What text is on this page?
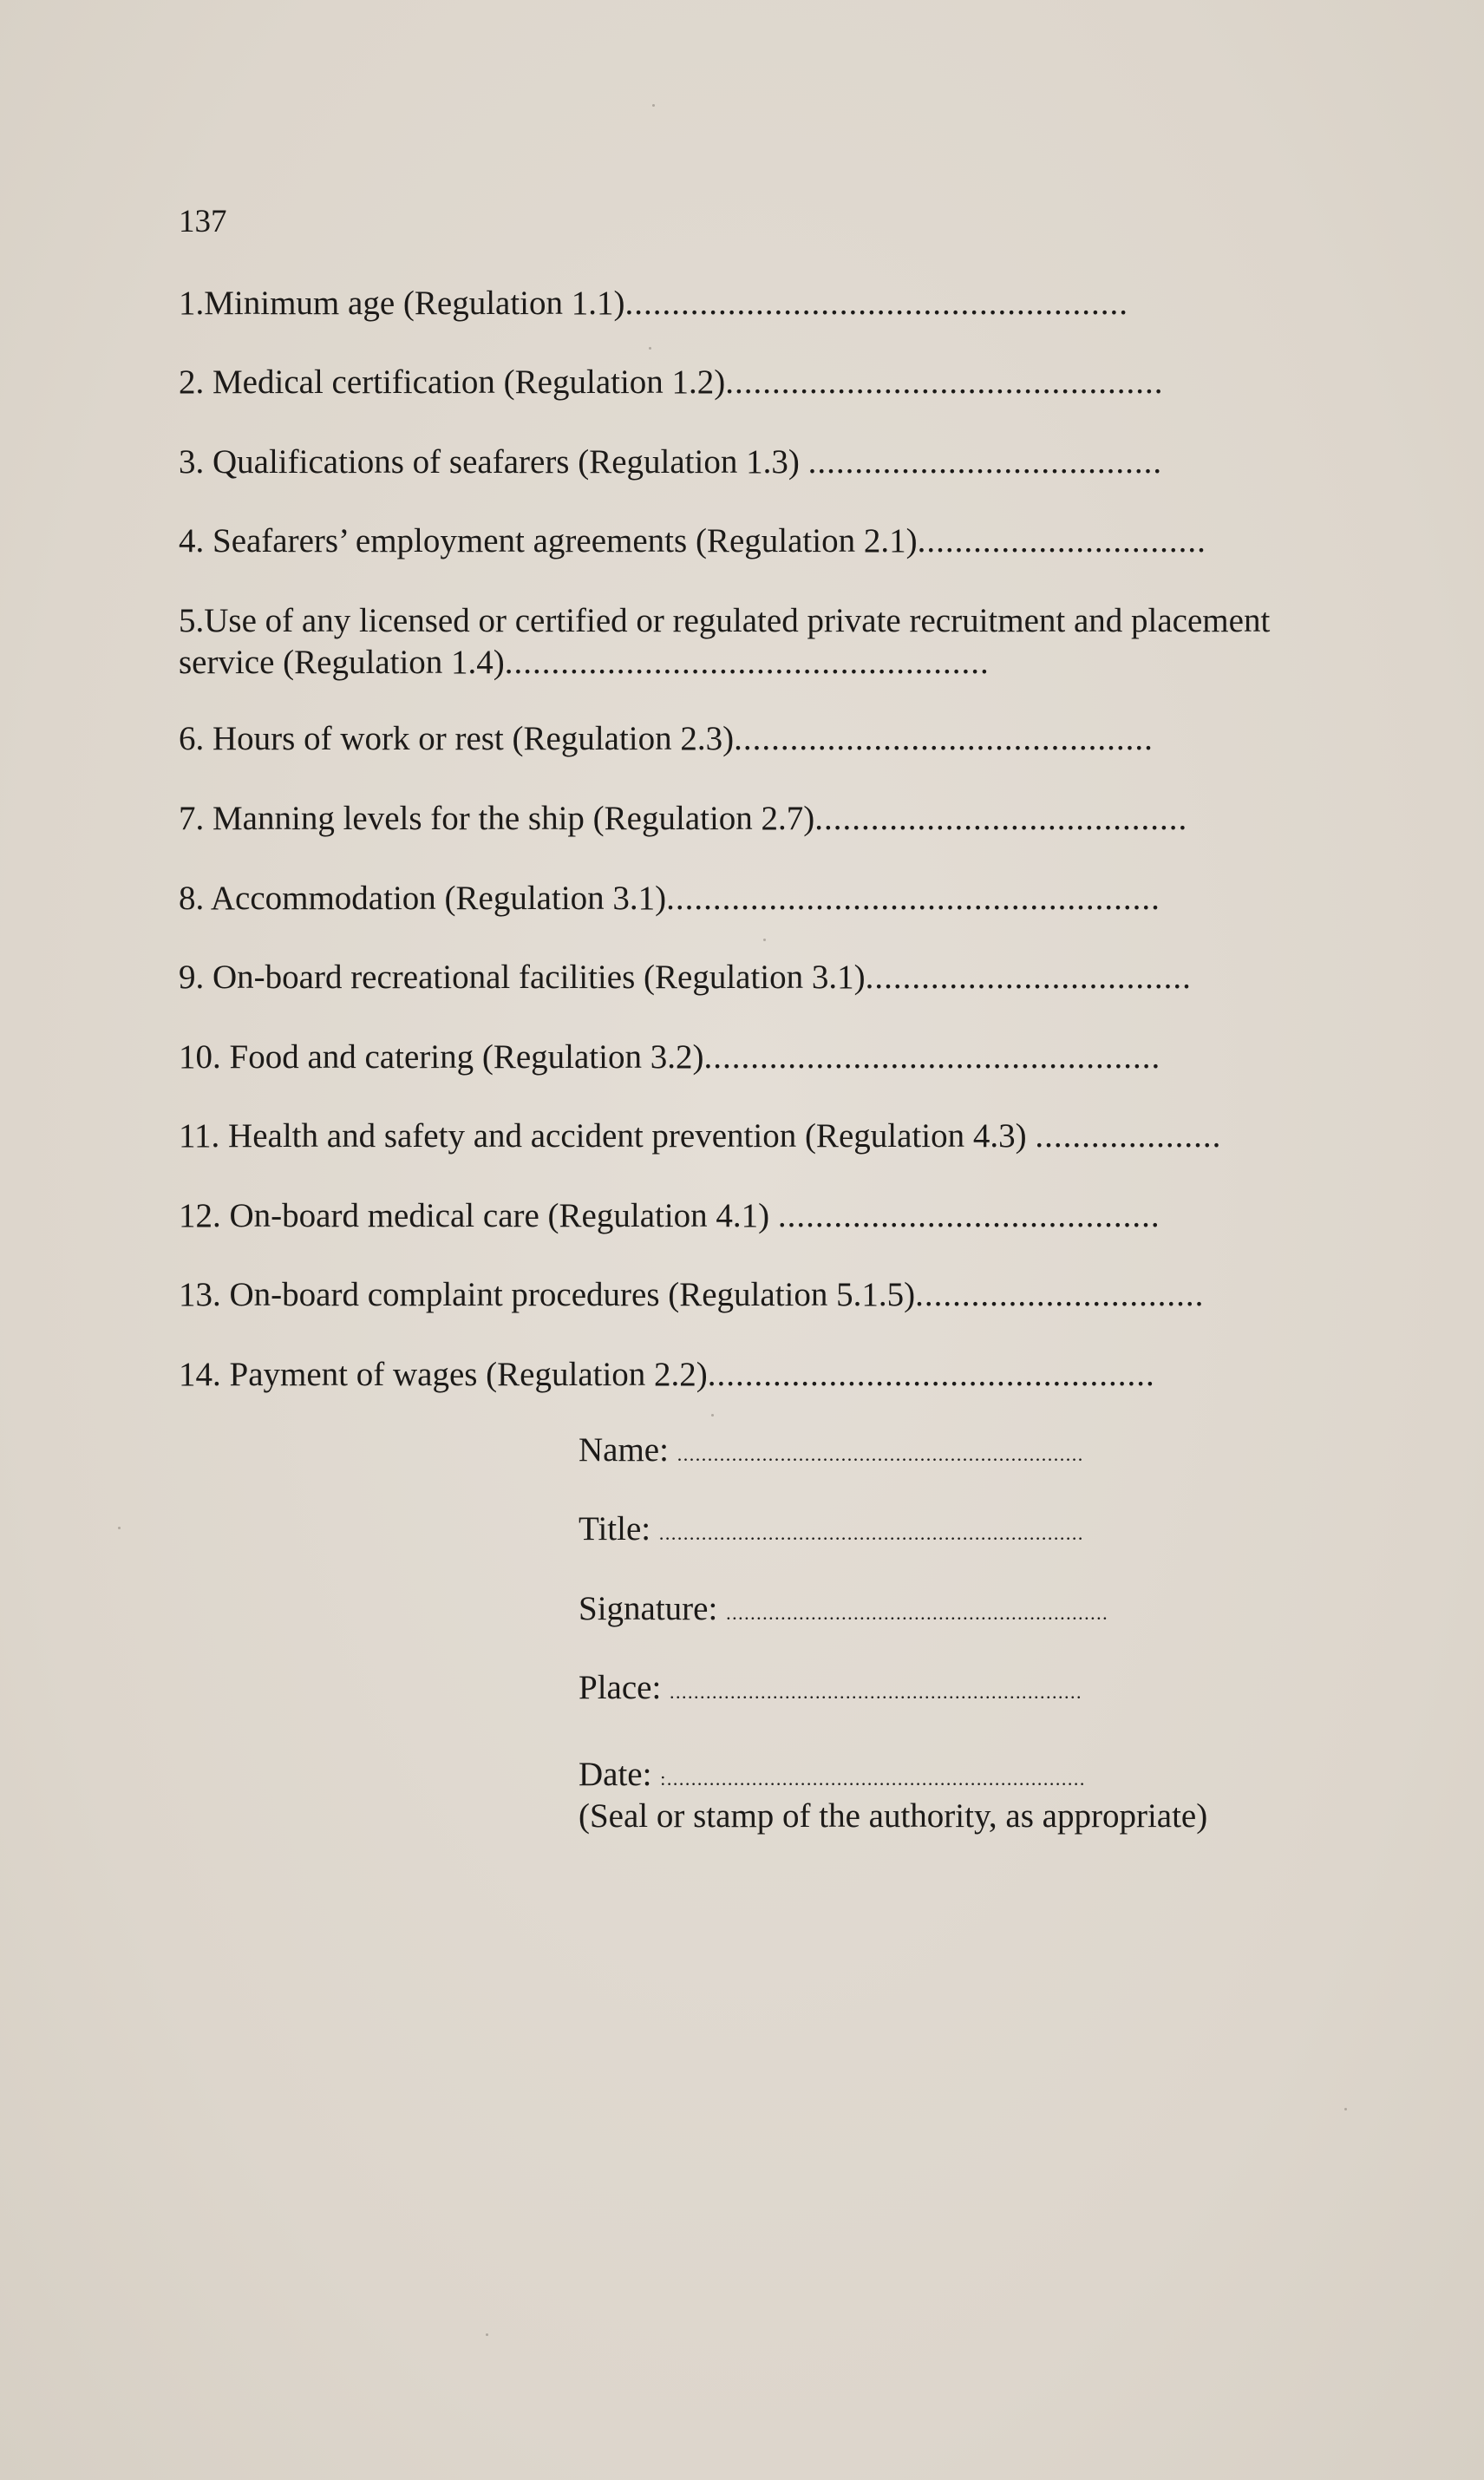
137
1.Minimum age (Regulation 1.1)......................................................
2. Medical certification (Regulation 1.2)...............................................
3. Qualifications of seafarers (Regulation 1.3) ......................................
4. Seafarers’ employment agreements (Regulation 2.1)...............................
5.Use of any licensed or certified or regulated private recruitment and placement
service (Regulation 1.4)....................................................
6. Hours of work or rest (Regulation 2.3).............................................
7. Manning levels for the ship (Regulation 2.7)........................................
8. Accommodation (Regulation 3.1).....................................................
9. On-board recreational facilities (Regulation 3.1)...................................
10. Food and catering (Regulation 3.2).................................................
11. Health and safety and accident prevention (Regulation 4.3) ....................
12. On-board medical care (Regulation 4.1) .........................................
13. On-board complaint procedures (Regulation 5.1.5)...............................
14. Payment of wages (Regulation 2.2)................................................
Name: ...................................................................
Title: ......................................................................
Signature: ...............................................................
Place: ....................................................................
Date: :.....................................................................
(Seal or stamp of the authority, as appropriate)
